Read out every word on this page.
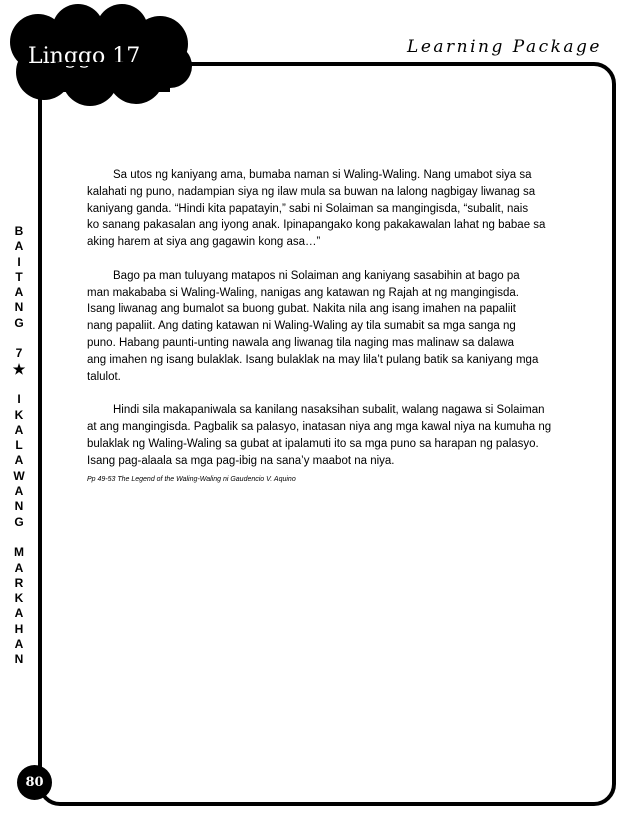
Linggo 17	Learning Package
B
A
I
T
A
N
G
7
★
I
K
A
L
A
W
A
N
G
M
A
R
K
A
H
A
N

Sa utos ng kaniyang ama, bumaba naman si Waling-Waling. Nang umabot siya sa
kalahati ng puno, nadampian siya ng ilaw mula sa buwan na lalong nagbigay liwanag sa
kaniyang ganda. “Hindi kita papatayin,” sabi ni Solaiman sa mangingisda, “subalit, nais
ko sanang pakasalan ang iyong anak. Ipinapangako kong pakakawalan lahat ng babae sa
aking harem at siya ang gagawin kong asa…”

Bago pa man tuluyang matapos ni Solaiman ang kaniyang sasabihin at bago pa
man makababa si Waling-Waling, nanigas ang katawan ng Rajah at ng mangingisda.
Isang liwanag ang bumalot sa buong gubat. Nakita nila ang isang imahen na papaliit
nang papaliit. Ang dating katawan ni Waling-Waling ay tila sumabit sa mga sanga ng
puno. Habang paunti-unting nawala ang liwanag tila naging mas malinaw sa dalawa
ang imahen ng isang bulaklak. Isang bulaklak na may lila’t pulang batik sa kaniyang mga
talulot.

Hindi sila makapaniwala sa kanilang nasaksihan subalit, walang nagawa si Solaiman
at ang mangingisda. Pagbalik sa palasyo, inatasan niya ang mga kawal niya na kumuha ng
bulaklak ng Waling-Waling sa gubat at ipalamuti ito sa mga puno sa harapan ng palasyo.
Isang pag-alaala sa mga pag-ibig na sana’y maabot na niya.

Pp 49-53 The Legend of the Waling-Waling ni Gaudencio V. Aquino

80
